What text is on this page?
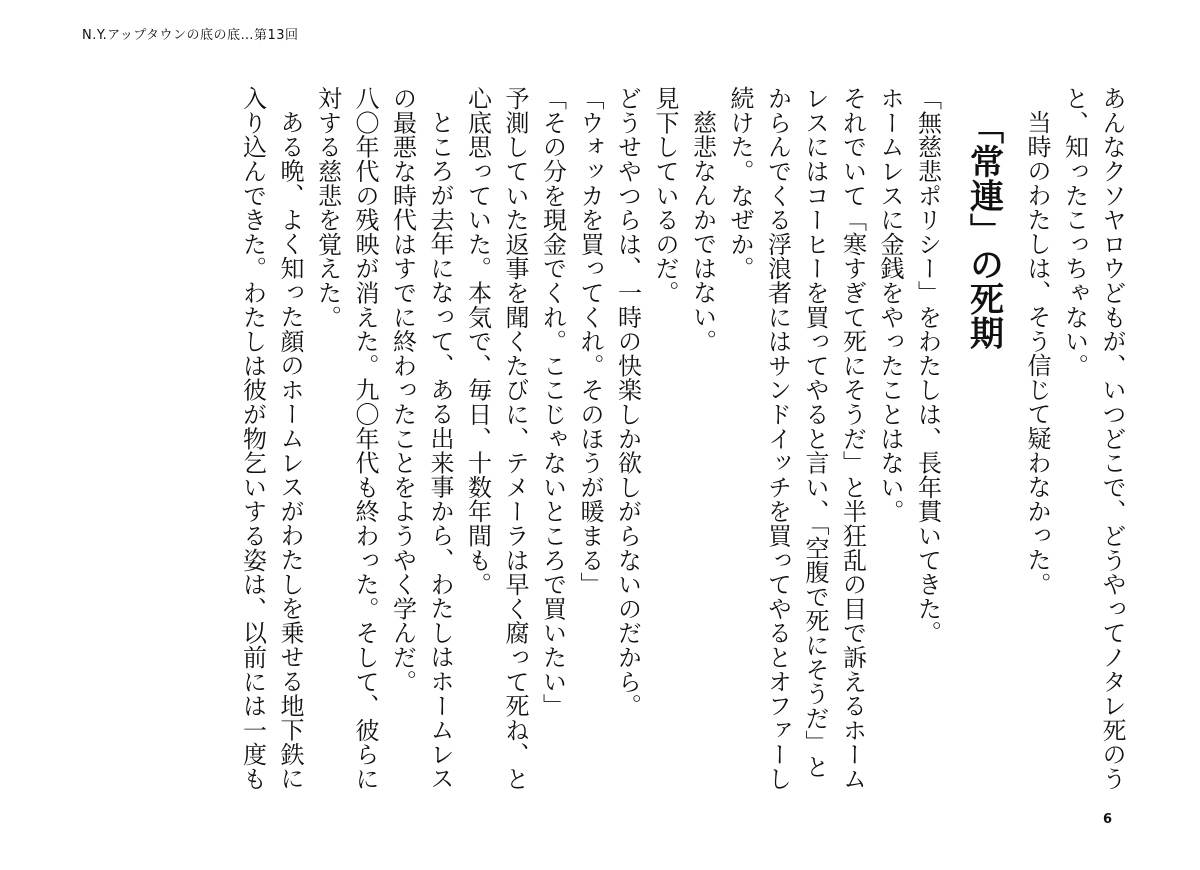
N.Y.アップタウンの底の底…第13回

あんなクソヤロウどもが、いつどこで、どうやってノタレ死のうと、知ったこっちゃない。

当時のわたしは、そう信じて疑わなかった。

「常連」の死期

「無慈悲ポリシー」をわたしは、長年貫いてきた。

ホームレスに金銭をやったことはない。

それでいて「寒すぎて死にそうだ」と半狂乱の目で訴えるホームレスにはコーヒーを買ってやると言い、「空腹で死にそうだ」とからんでくる浮浪者にはサンドイッチを買ってやるとオファーし続けた。なぜか。

慈悲なんかではない。

見下しているのだ。

どうせやつらは、一時の快楽しか欲しがらないのだから。

「ウォッカを買ってくれ。そのほうが暖まる」

「その分を現金でくれ。ここじゃないところで買いたい」

予測していた返事を聞くたびに、テメーラは早く腐って死ね、と心底思っていた。本気で、毎日、十数年間も。

ところが去年になって、ある出来事から、わたしはホームレスの最悪な時代はすでに終わったことをようやく学んだ。

八〇年代の残映が消えた。九〇年代も終わった。そして、彼らに対する慈悲を覚えた。

ある晩、よく知った顔のホームレスがわたしを乗せる地下鉄に入り込んできた。わたしは彼が物乞いする姿は、以前には一度も

6
